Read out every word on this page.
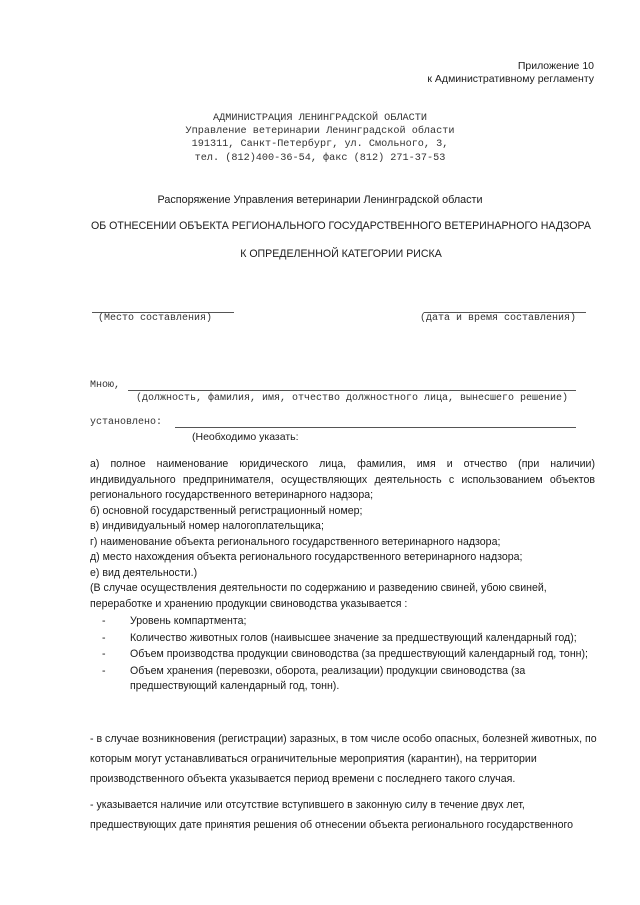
Приложение 10
к Административному регламенту
АДМИНИСТРАЦИЯ ЛЕНИНГРАДСКОЙ ОБЛАСТИ
Управление ветеринарии Ленинградской области
191311, Санкт-Петербург, ул. Смольного, 3,
тел. (812)400-36-54, факс (812) 271-37-53
Распоряжение Управления ветеринарии Ленинградской области
ОБ ОТНЕСЕНИИ ОБЪЕКТА РЕГИОНАЛЬНОГО ГОСУДАРСТВЕННОГО ВЕТЕРИНАРНОГО НАДЗОРА
К ОПРЕДЕЛЕННОЙ КАТЕГОРИИ РИСКА
(Место составления)	(дата и время составления)
Мною,
(должность, фамилия, имя, отчество должностного лица, вынесшего решение)
установлено:
(Необходимо указать:

а) полное наименование юридического лица, фамилия, имя и отчество (при наличии) индивидуального предпринимателя, осуществляющих деятельность с использованием объектов регионального государственного ветеринарного надзора;

б) основной государственный регистрационный номер;
в) индивидуальный номер налогоплательщика;
г) наименование объекта регионального государственного ветеринарного надзора;
д) место нахождения объекта регионального государственного ветеринарного надзора;
е) вид деятельности.)
(В случае осуществления деятельности по содержанию и разведению свиней, убою свиней,
переработке и хранению продукции свиноводства указывается :
- Уровень компартмента;
- Количество животных голов (наивысшее значение за предшествующий календарный год);
- Объем производства продукции свиноводства (за предшествующий календарный год, тонн);
- Объем хранения (перевозки, оборота, реализации) продукции свиноводства (за предшествующий календарный год, тонн).

- в случае возникновения (регистрации) заразных, в том числе особо опасных, болезней животных, по которым могут устанавливаться ограничительные мероприятия (карантин), на территории производственного объекта указывается период времени с последнего такого случая.

- указывается наличие или отсутствие вступившего в законную силу в течение двух лет, предшествующих дате принятия решения об отнесении объекта регионального государственного
